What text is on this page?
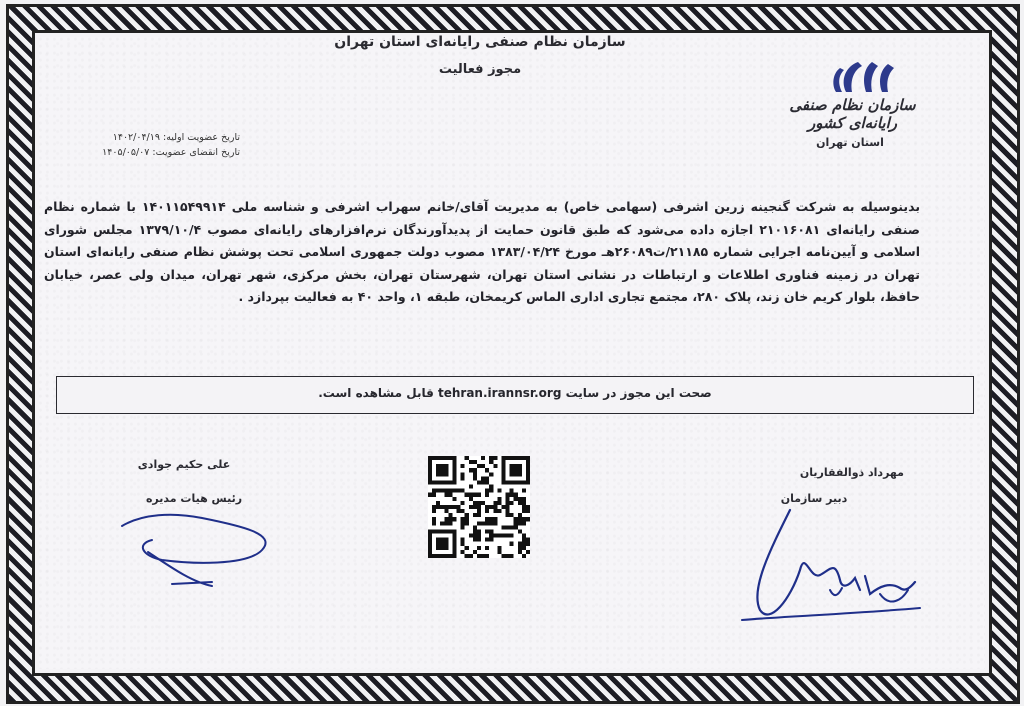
سازمان نظام صنفی رایانه‌ای استان تهران
مجوز فعالیت
سازمان نظام صنفی رایانه‌ای کشور
استان تهران
تاریخ عضویت اولیه: ۱۴۰۲/۰۴/۱۹
تاریخ انقضای عضویت: ۱۴۰۵/۰۵/۰۷
بدینوسیله به شرکت گنجینه زرین اشرفی (سهامی خاص) به مدیریت آقای/خانم سهراب اشرفی و شناسه ملی ۱۴۰۱۱۵۴۹۹۱۴ با شماره نظام صنفی رایانه‌ای ۲۱۰۱۶۰۸۱ اجازه داده می‌شود که طبق قانون حمایت از پدیدآورندگان نرم‌افزارهای رایانه‌ای مصوب ۱۳۷۹/۱۰/۴ مجلس شورای اسلامی و آیین‌نامه اجرایی شماره ۲۱۱۸۵/ت۲۶۰۸۹هـ مورخ ۱۳۸۳/۰۴/۲۴ مصوب دولت جمهوری اسلامی تحت پوشش نظام صنفی رایانه‌ای استان تهران در زمینه فناوری اطلاعات و ارتباطات در نشانی استان تهران، شهرستان تهران، بخش مرکزی، شهر تهران، میدان ولی عصر، خیابان حافظ، بلوار کریم خان زند، پلاک ۲۸۰، مجتمع تجاری اداری الماس کریمخان، طبقه ۱، واحد ۴۰ به فعالیت بپردازد .
صحت این مجوز در سایت tehran.irannsr.org قابل مشاهده است.
مهرداد ذوالفقاریان
دبیر سازمان
علی حکیم جوادی
رئیس هیات مدیره
